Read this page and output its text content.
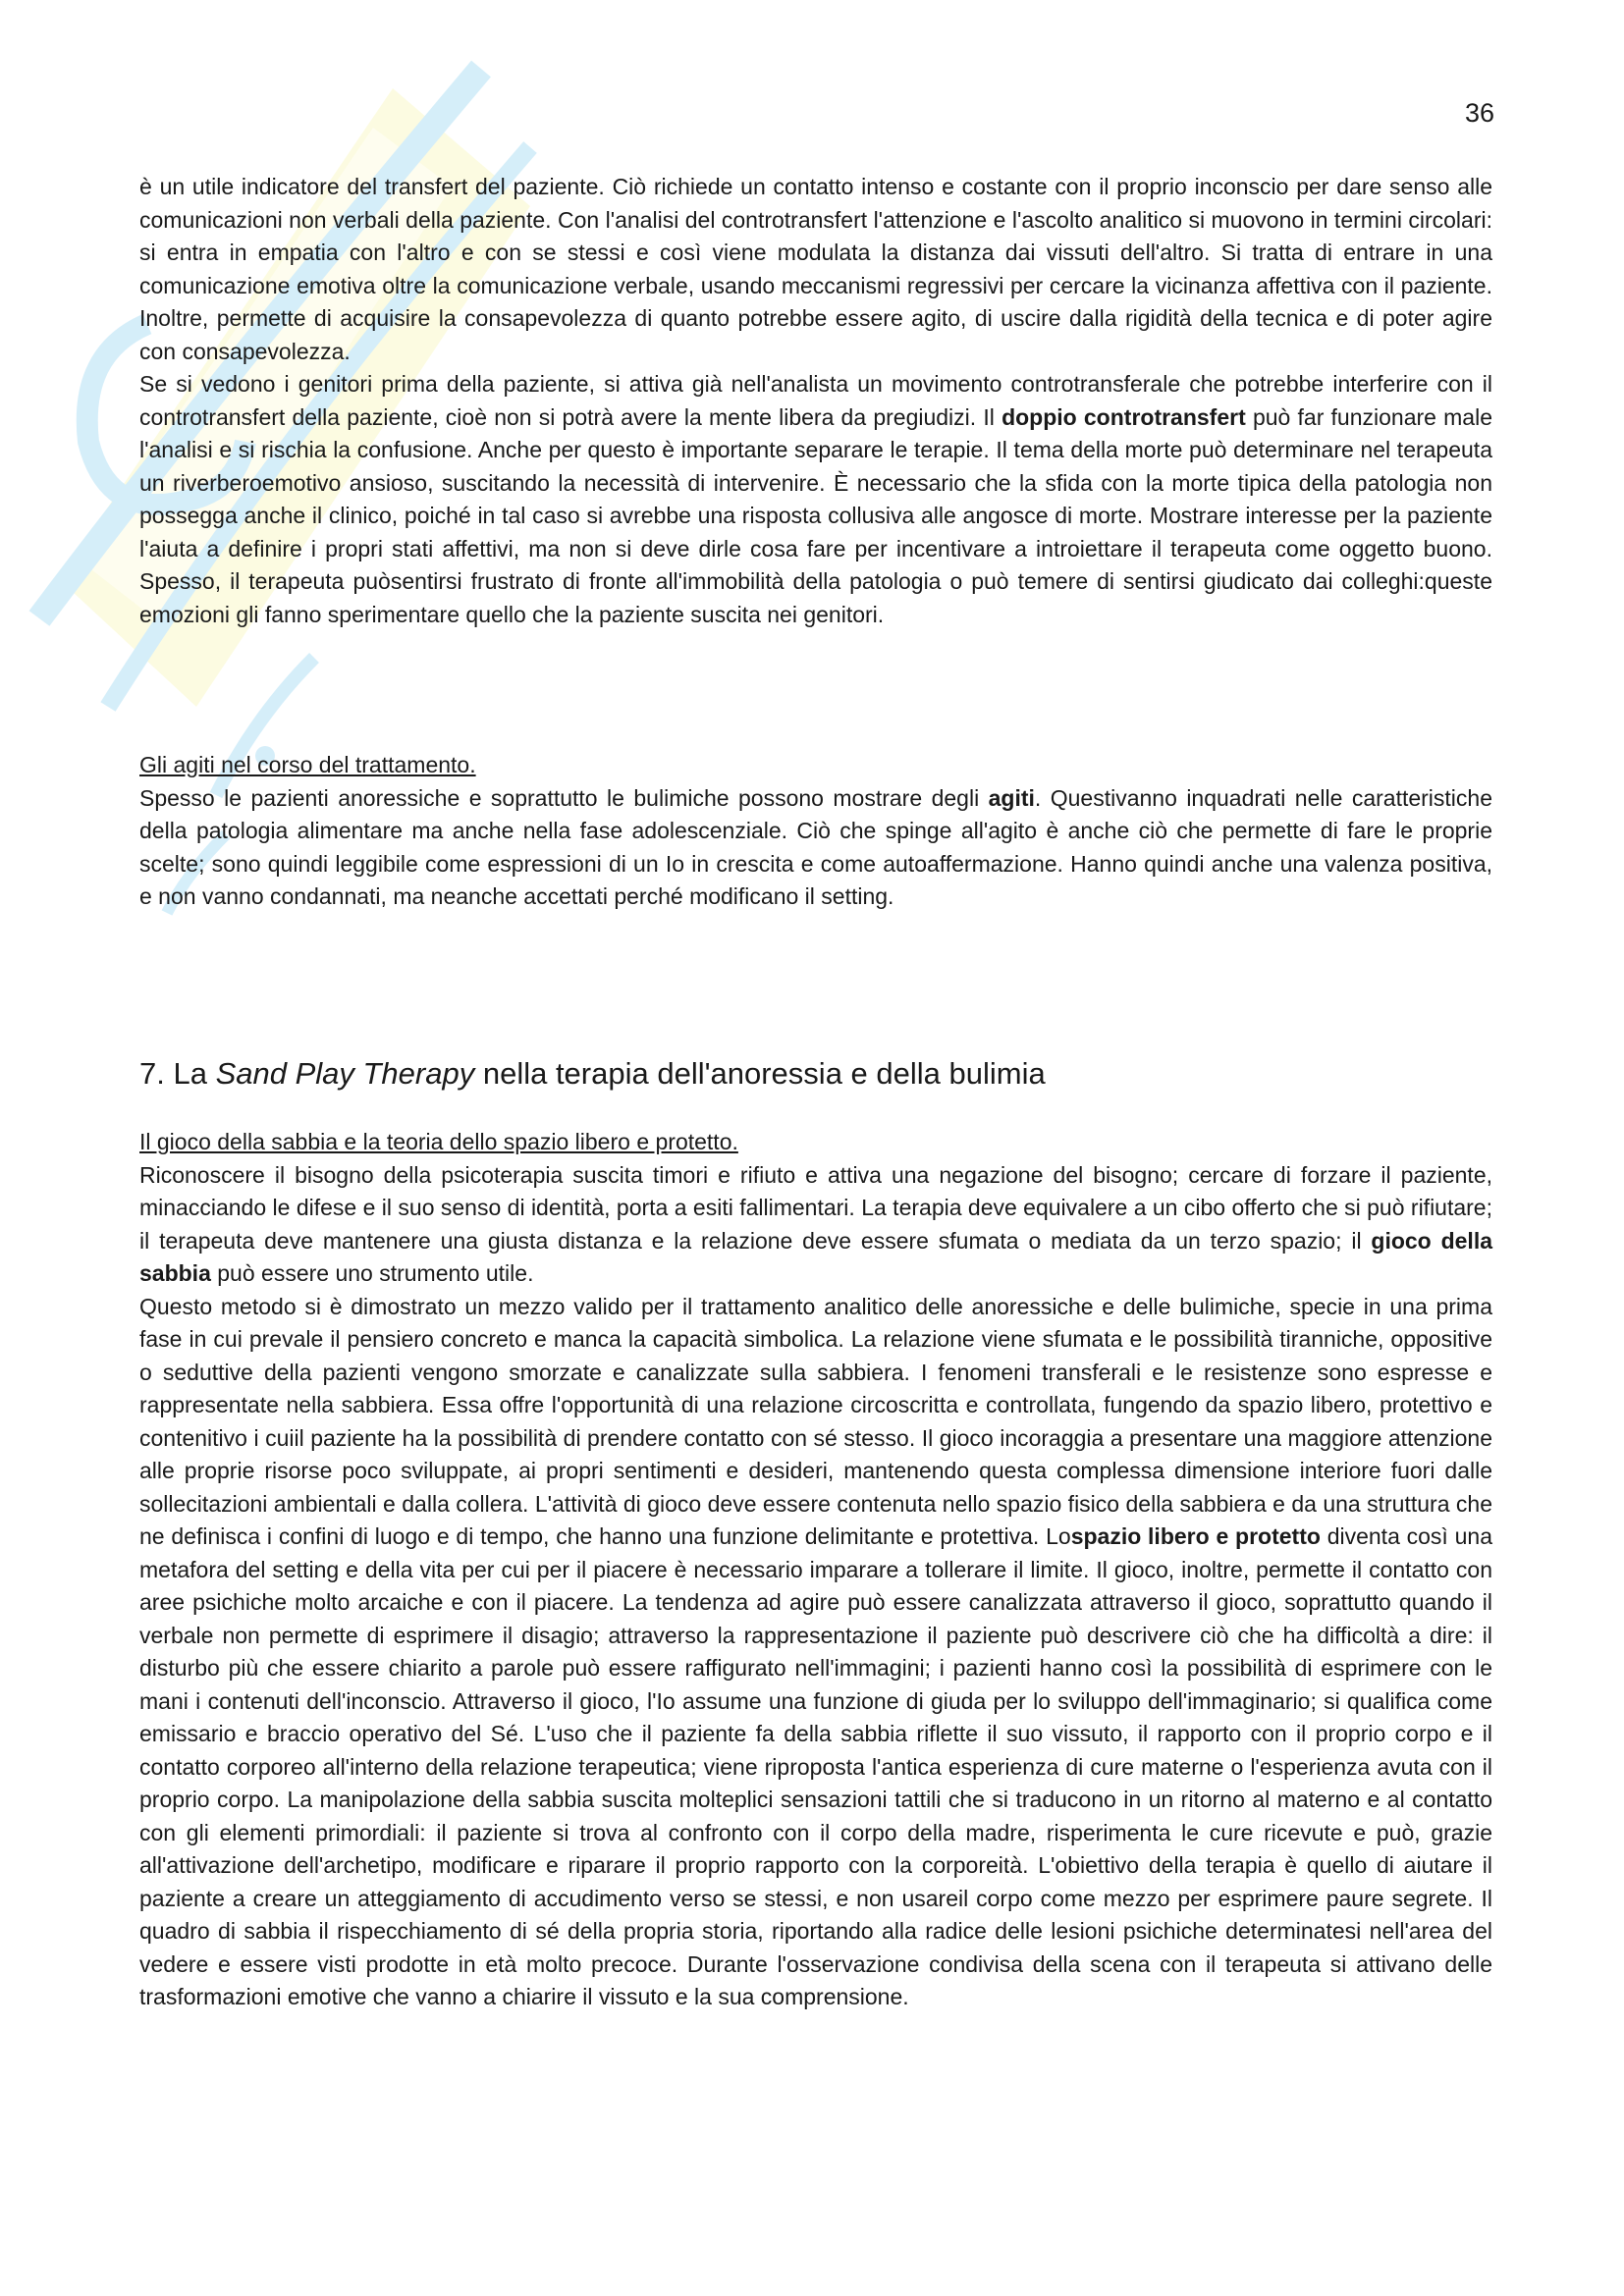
36

è un utile indicatore del transfert del paziente. Ciò richiede un contatto intenso e costante con il proprio inconscio per dare senso alle comunicazioni non verbali della paziente. Con l'analisi del controtransfert l'attenzione e l'ascolto analitico si muovono in termini circolari: si entra in empatia con l'altro e con se stessi e così viene modulata la distanza dai vissuti dell'altro. Si tratta di entrare in una comunicazione emotiva oltre la comunicazione verbale, usando meccanismi regressivi per cercare la vicinanza affettiva con il paziente. Inoltre, permette di acquisire la consapevolezza di quanto potrebbe essere agito, di uscire dalla rigidità della tecnica e di poter agire con consapevolezza.

Se si vedono i genitori prima della paziente, si attiva già nell'analista un movimento controtransferale che potrebbe interferire con il controtransfert della paziente, cioè non si potrà avere la mente libera da pregiudizi. Il doppio controtransfert può far funzionare male l'analisi e si rischia la confusione. Anche per questo è importante separare le terapie. Il tema della morte può determinare nel terapeuta un riverberoemotivo ansioso, suscitando la necessità di intervenire. È necessario che la sfida con la morte tipica della patologia non possegga anche il clinico, poiché in tal caso si avrebbe una risposta collusiva alle angosce di morte. Mostrare interesse per la paziente l'aiuta a definire i propri stati affettivi, ma non si deve dirle cosa fare per incentivare a introiettare il terapeuta come oggetto buono. Spesso, il terapeuta puòsentirsi frustrato di fronte all'immobilità della patologia o può temere di sentirsi giudicato dai colleghi:queste emozioni gli fanno sperimentare quello che la paziente suscita nei genitori.

Gli agiti nel corso del trattamento.

Spesso le pazienti anoressiche e soprattutto le bulimiche possono mostrare degli agiti. Questivanno inquadrati nelle caratteristiche della patologia alimentare ma anche nella fase adolescenziale. Ciò che spinge all'agito è anche ciò che permette di fare le proprie scelte; sono quindi leggibile come espressioni di un Io in crescita e come autoaffermazione. Hanno quindi anche una valenza positiva, e non vanno condannati, ma neanche accettati perché modificano il setting.

7. La Sand Play Therapy nella terapia dell'anoressia e della bulimia

Il gioco della sabbia e la teoria dello spazio libero e protetto.

Riconoscere il bisogno della psicoterapia suscita timori e rifiuto e attiva una negazione del bisogno; cercare di forzare il paziente, minacciando le difese e il suo senso di identità, porta a esiti fallimentari. La terapia deve equivalere a un cibo offerto che si può rifiutare; il terapeuta deve mantenere una giusta distanza e la relazione deve essere sfumata o mediata da un terzo spazio; il gioco della sabbia può essere uno strumento utile.

Questo metodo si è dimostrato un mezzo valido per il trattamento analitico delle anoressiche e delle bulimiche, specie in una prima fase in cui prevale il pensiero concreto e manca la capacità simbolica. La relazione viene sfumata e le possibilità tiranniche, oppositive o seduttive della pazienti vengono smorzate e canalizzate sulla sabbiera. I fenomeni transferali e le resistenze sono espresse e rappresentate nella sabbiera. Essa offre l'opportunità di una relazione circoscritta e controllata, fungendo da spazio libero, protettivo e contenitivo i cuiil paziente ha la possibilità di prendere contatto con sé stesso. Il gioco incoraggia a presentare una maggiore attenzione alle proprie risorse poco sviluppate, ai propri sentimenti e desideri, mantenendo questa complessa dimensione interiore fuori dalle sollecitazioni ambientali e dalla collera. L'attività di gioco deve essere contenuta nello spazio fisico della sabbiera e da una struttura che ne definisca i confini di luogo e di tempo, che hanno una funzione delimitante e protettiva. Lospazio libero e protetto diventa così una metafora del setting e della vita per cui per il piacere è necessario imparare a tollerare il limite. Il gioco, inoltre, permette il contatto con aree psichiche molto arcaiche e con il piacere. La tendenza ad agire può essere canalizzata attraverso il gioco, soprattutto quando il verbale non permette di esprimere il disagio; attraverso la rappresentazione il paziente può descrivere ciò che ha difficoltà a dire: il disturbo più che essere chiarito a parole può essere raffigurato nell'immagini; i pazienti hanno così la possibilità di esprimere con le mani i contenuti dell'inconscio. Attraverso il gioco, l'Io assume una funzione di giuda per lo sviluppo dell'immaginario; si qualifica come emissario e braccio operativo del Sé. L'uso che il paziente fa della sabbia riflette il suo vissuto, il rapporto con il proprio corpo e il contatto corporeo all'interno della relazione terapeutica; viene riproposta l'antica esperienza di cure materne o l'esperienza avuta con il proprio corpo. La manipolazione della sabbia suscita molteplici sensazioni tattili che si traducono in un ritorno al materno e al contatto con gli elementi primordiali: il paziente si trova al confronto con il corpo della madre, risperimenta le cure ricevute e può, grazie all'attivazione dell'archetipo, modificare e riparare il proprio rapporto con la corporeità. L'obiettivo della terapia è quello di aiutare il paziente a creare un atteggiamento di accudimento verso se stessi, e non usareil corpo come mezzo per esprimere paure segrete. Il quadro di sabbia il rispecchiamento di sé della propria storia, riportando alla radice delle lesioni psichiche determinatesi nell'area del vedere e essere visti prodotte in età molto precoce. Durante l'osservazione condivisa della scena con il terapeuta si attivano delle trasformazioni emotive che vanno a chiarire il vissuto e la sua comprensione.
